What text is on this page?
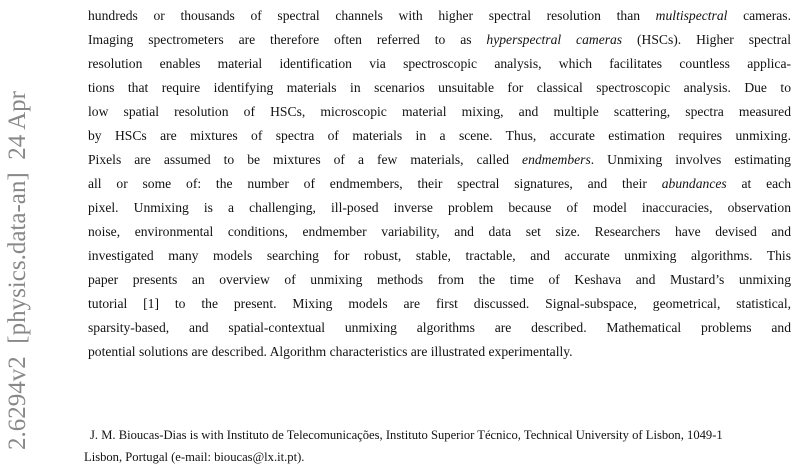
2.6294v2  [physics.data-an]  24 Apr
hundreds or thousands of spectral channels with higher spectral resolution than multispectral cameras.
Imaging spectrometers are therefore often referred to as hyperspectral cameras (HSCs). Higher spectral
resolution enables material identification via spectroscopic analysis, which facilitates countless applica-
tions that require identifying materials in scenarios unsuitable for classical spectroscopic analysis. Due to
low spatial resolution of HSCs, microscopic material mixing, and multiple scattering, spectra measured
by HSCs are mixtures of spectra of materials in a scene. Thus, accurate estimation requires unmixing.
Pixels are assumed to be mixtures of a few materials, called endmembers. Unmixing involves estimating
all or some of: the number of endmembers, their spectral signatures, and their abundances at each
pixel. Unmixing is a challenging, ill-posed inverse problem because of model inaccuracies, observation
noise, environmental conditions, endmember variability, and data set size. Researchers have devised and
investigated many models searching for robust, stable, tractable, and accurate unmixing algorithms. This
paper presents an overview of unmixing methods from the time of Keshava and Mustard’s unmixing
tutorial [1] to the present. Mixing models are first discussed. Signal-subspace, geometrical, statistical,
sparsity-based, and spatial-contextual unmixing algorithms are described. Mathematical problems and
potential solutions are described. Algorithm characteristics are illustrated experimentally.
J. M. Bioucas-Dias is with Instituto de Telecomunicações, Instituto Superior Técnico, Technical University of Lisbon, 1049-1
Lisbon, Portugal (e-mail: bioucas@lx.it.pt).
